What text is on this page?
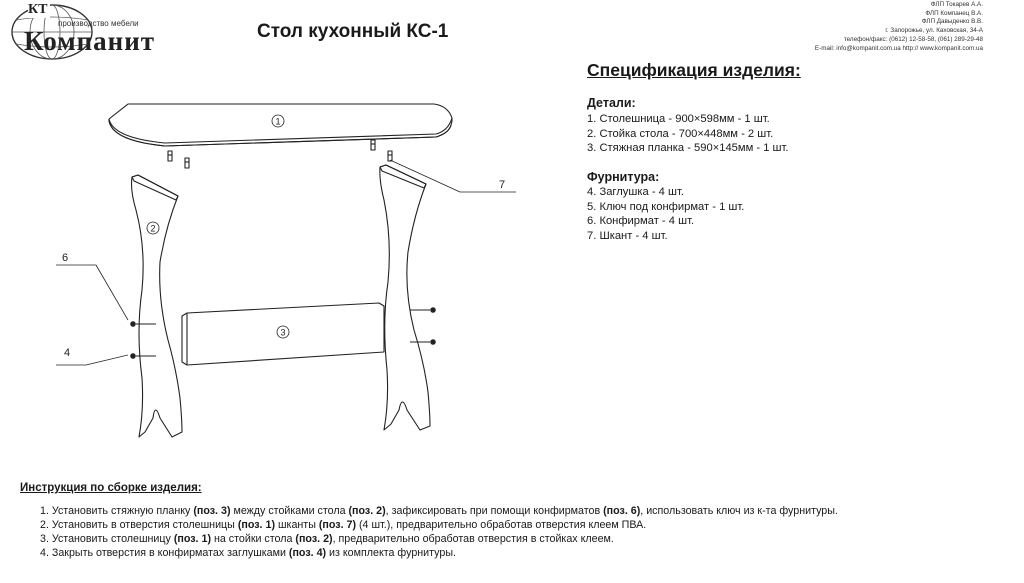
КТ
производство мебели
Компанит	Стол кухонный КС-1
ФЛП Токарев А.А.
ФЛП Компанец В.А.
ФЛП Давыденко В.В.
г. Запорожье, ул. Каховская, 34-А
телефон/факс: (0612) 12-58-58, (061) 289-29-48
E-mail: info@kompanit.com.ua http:// www.kompanit.com.ua
Спецификация изделия:
Детали:
1. Столешница - 900×598мм - 1 шт.
2. Стойка стола - 700×448мм - 2 шт.
3. Стяжная планка - 590×145мм - 1 шт.
Фурнитура:
4. Заглушка - 4 шт.
5. Ключ под конфирмат - 1 шт.
6. Конфирмат - 4 шт.
7. Шкант - 4 шт.
1
2
3
7
6
4
Инструкция по сборке изделия:
1. Установить стяжную планку (поз. 3) между стойками стола (поз. 2), зафиксировать при помощи конфирматов (поз. 6), использовать ключ из к-та фурнитуры.
2. Установить в отверстия столешницы (поз. 1) шканты (поз. 7) (4 шт.), предварительно обработав отверстия клеем ПВА.
3. Установить столешницу (поз. 1) на стойки стола (поз. 2), предварительно обработав отверстия в стойках клеем.
4. Закрыть отверстия в конфирматах заглушками (поз. 4) из комплекта фурнитуры.
